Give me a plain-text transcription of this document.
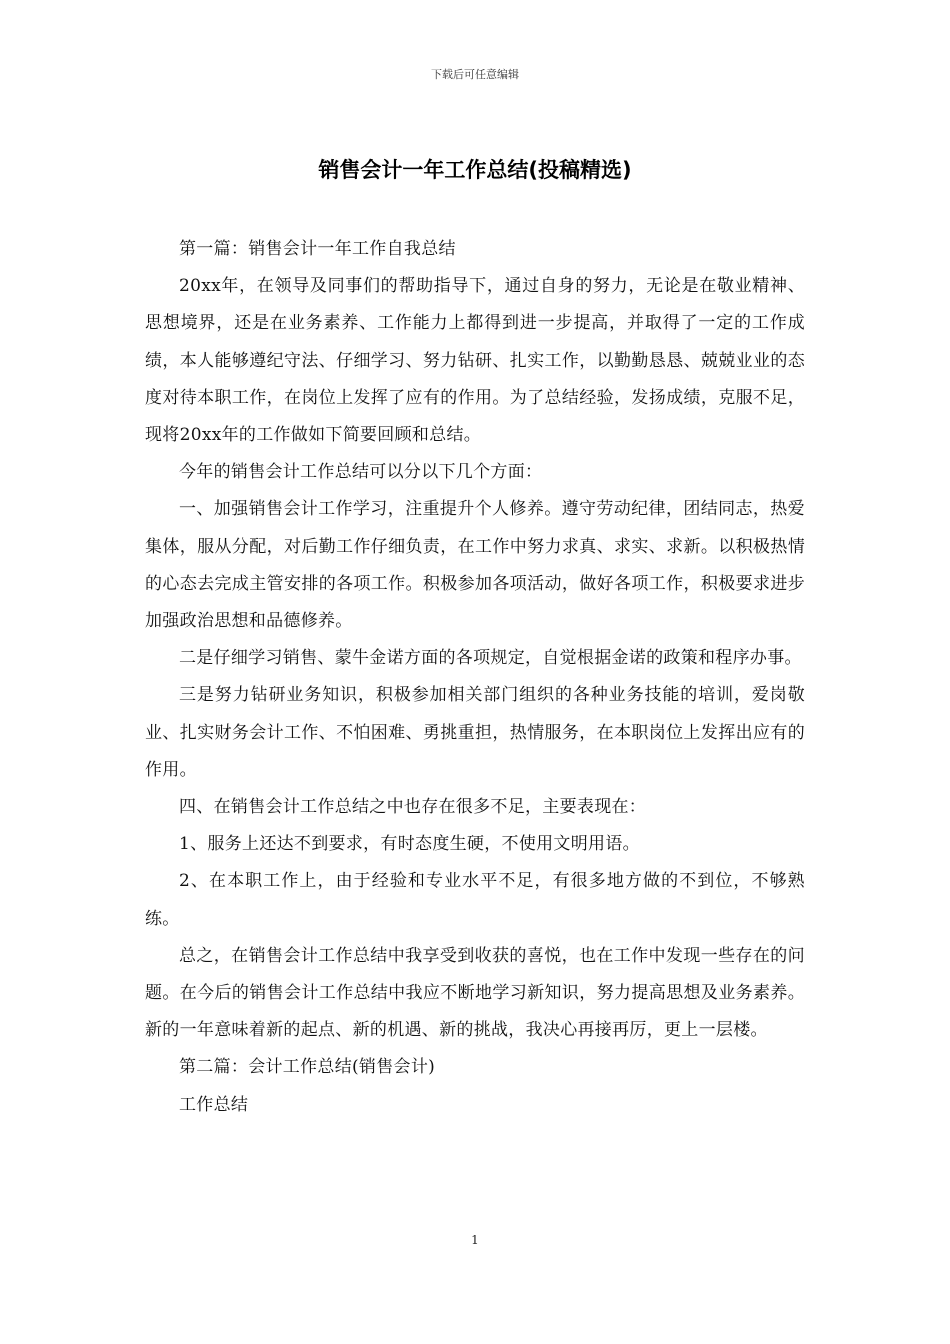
下载后可任意编辑
销售会计一年工作总结(投稿精选)

第一篇：销售会计一年工作自我总结

20xx年，在领导及同事们的帮助指导下，通过自身的努力，无论是在敬业精神、思想境界，还是在业务素养、工作能力上都得到进一步提高，并取得了一定的工作成绩，本人能够遵纪守法、仔细学习、努力钻研、扎实工作，以勤勤恳恳、兢兢业业的态度对待本职工作，在岗位上发挥了应有的作用。为了总结经验，发扬成绩，克服不足，现将20xx年的工作做如下简要回顾和总结。

今年的销售会计工作总结可以分以下几个方面：

一、加强销售会计工作学习，注重提升个人修养。遵守劳动纪律，团结同志，热爱集体，服从分配，对后勤工作仔细负责，在工作中努力求真、求实、求新。以积极热情的心态去完成主管安排的各项工作。积极参加各项活动，做好各项工作，积极要求进步加强政治思想和品德修养。

二是仔细学习销售、蒙牛金诺方面的各项规定，自觉根据金诺的政策和程序办事。

三是努力钻研业务知识，积极参加相关部门组织的各种业务技能的培训，爱岗敬业、扎实财务会计工作、不怕困难、勇挑重担，热情服务，在本职岗位上发挥出应有的作用。

四、在销售会计工作总结之中也存在很多不足，主要表现在：

1、服务上还达不到要求，有时态度生硬，不使用文明用语。

2、在本职工作上，由于经验和专业水平不足，有很多地方做的不到位，不够熟练。

总之，在销售会计工作总结中我享受到收获的喜悦，也在工作中发现一些存在的问题。在今后的销售会计工作总结中我应不断地学习新知识，努力提高思想及业务素养。新的一年意味着新的起点、新的机遇、新的挑战，我决心再接再厉，更上一层楼。

第二篇：会计工作总结(销售会计)

工作总结

1
